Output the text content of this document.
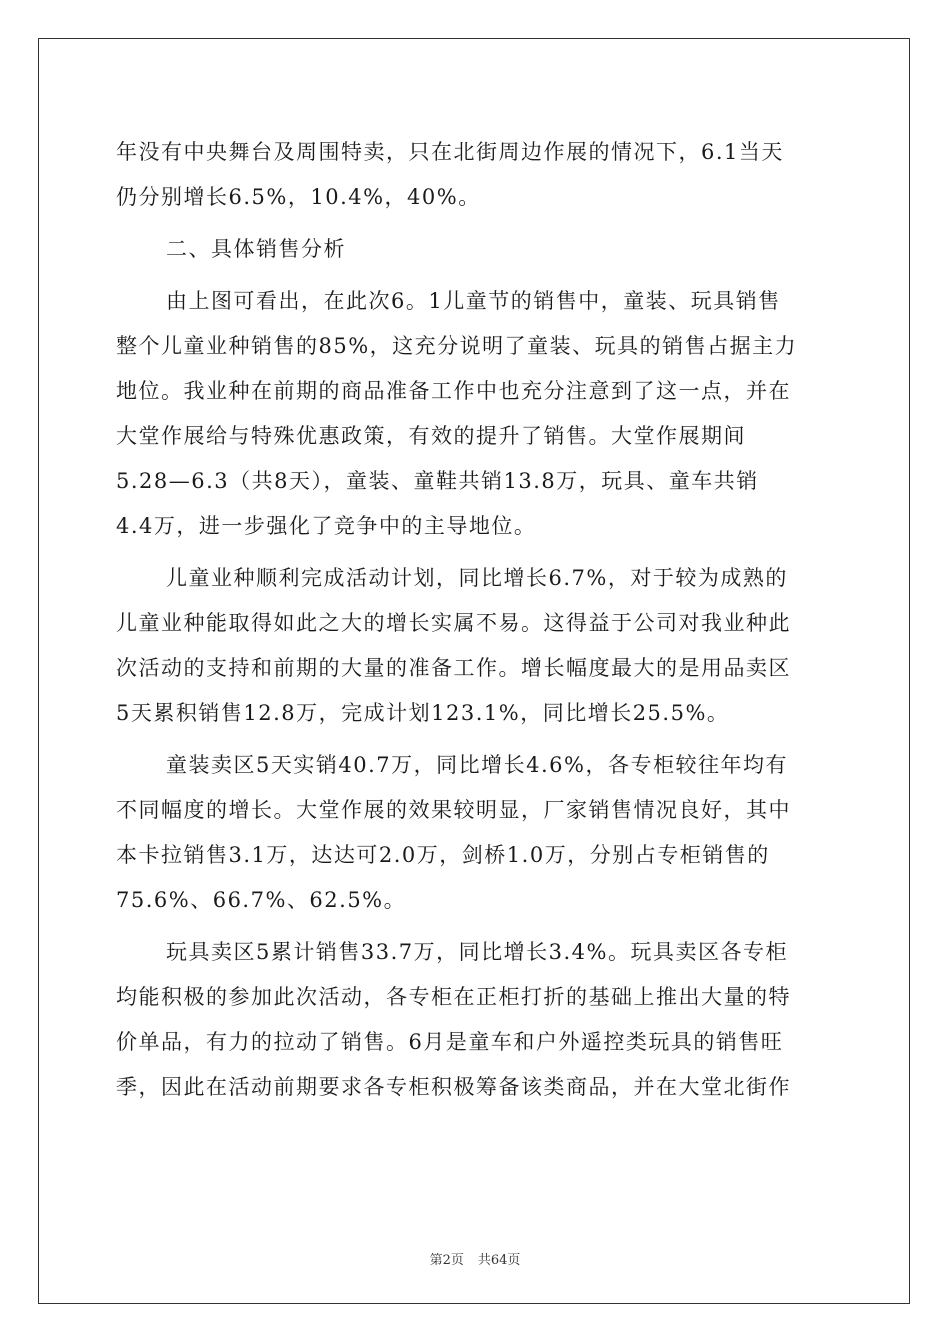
年没有中央舞台及周围特卖，只在北街周边作展的情况下，6.1当天
仍分别增长6.5%，10.4%，40%。
二、具体销售分析
由上图可看出，在此次6。1儿童节的销售中，童装、玩具销售
整个儿童业种销售的85%，这充分说明了童装、玩具的销售占据主力
地位。我业种在前期的商品准备工作中也充分注意到了这一点，并在
大堂作展给与特殊优惠政策，有效的提升了销售。大堂作展期间
5.28—6.3（共8天），童装、童鞋共销13.8万，玩具、童车共销
4.4万，进一步强化了竞争中的主导地位。
儿童业种顺利完成活动计划，同比增长6.7%，对于较为成熟的
儿童业种能取得如此之大的增长实属不易。这得益于公司对我业种此
次活动的支持和前期的大量的准备工作。增长幅度最大的是用品卖区
5天累积销售12.8万，完成计划123.1%，同比增长25.5%。
童装卖区5天实销40.7万，同比增长4.6%，各专柜较往年均有
不同幅度的增长。大堂作展的效果较明显，厂家销售情况良好，其中
本卡拉销售3.1万，达达可2.0万，剑桥1.0万，分别占专柜销售的
75.6%、66.7%、62.5%。
玩具卖区5累计销售33.7万，同比增长3.4%。玩具卖区各专柜
均能积极的参加此次活动，各专柜在正柜打折的基础上推出大量的特
价单品，有力的拉动了销售。6月是童车和户外遥控类玩具的销售旺
季，因此在活动前期要求各专柜积极筹备该类商品，并在大堂北街作
第2页 共64页
